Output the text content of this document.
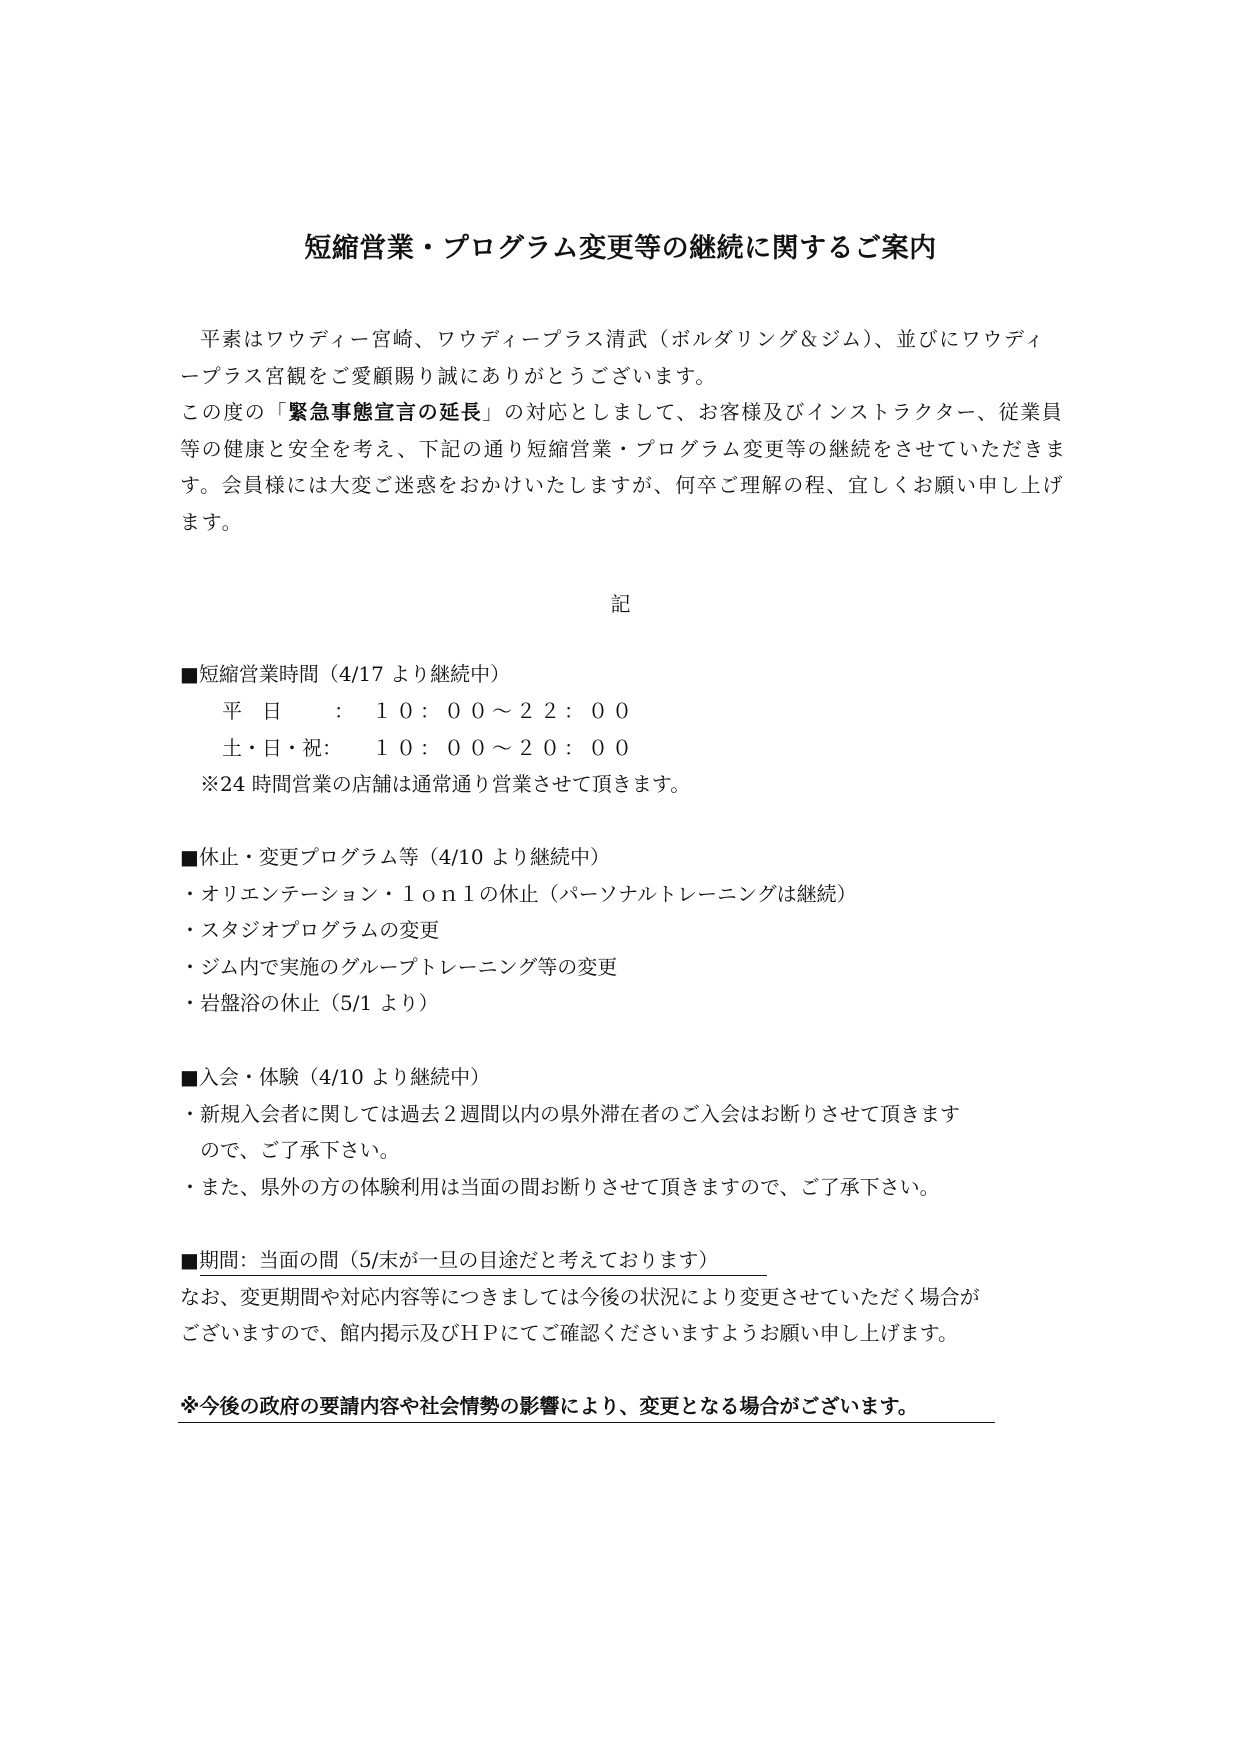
短縮営業・プログラム変更等の継続に関するご案内
平素はワウディー宮崎、ワウディープラス清武（ボルダリング＆ジム）、並びにワウディ
ープラス宮観をご愛顧賜り誠にありがとうございます。
この度の「緊急事態宣言の延長」の対応としまして、お客様及びインストラクター、従業員
等の健康と安全を考え、下記の通り短縮営業・プログラム変更等の継続をさせていただきま
す。会員様には大変ご迷惑をおかけいたしますが、何卒ご理解の程、宜しくお願い申し上げ
ます。
記
■短縮営業時間（4/17 より継続中）
平　日	： １０：００～２２：００
土・日・祝： １０：００～２０：００
※24 時間営業の店舗は通常通り営業させて頂きます。
■休止・変更プログラム等（4/10 より継続中）
・オリエンテーション・１ｏｎ１の休止（パーソナルトレーニングは継続）
・スタジオプログラムの変更
・ジム内で実施のグループトレーニング等の変更
・岩盤浴の休止（5/1 より）
■入会・体験（4/10 より継続中）
・新規入会者に関しては過去２週間以内の県外滞在者のご入会はお断りさせて頂きます
ので、ご了承下さい。
・また、県外の方の体験利用は当面の間お断りさせて頂きますので、ご了承下さい。
■期間：当面の間（5/末が一旦の目途だと考えております）
なお、変更期間や対応内容等につきましては今後の状況により変更させていただく場合が
ございますので、館内掲示及びＨＰにてご確認くださいますようお願い申し上げます。
※今後の政府の要請内容や社会情勢の影響により、変更となる場合がございます。
